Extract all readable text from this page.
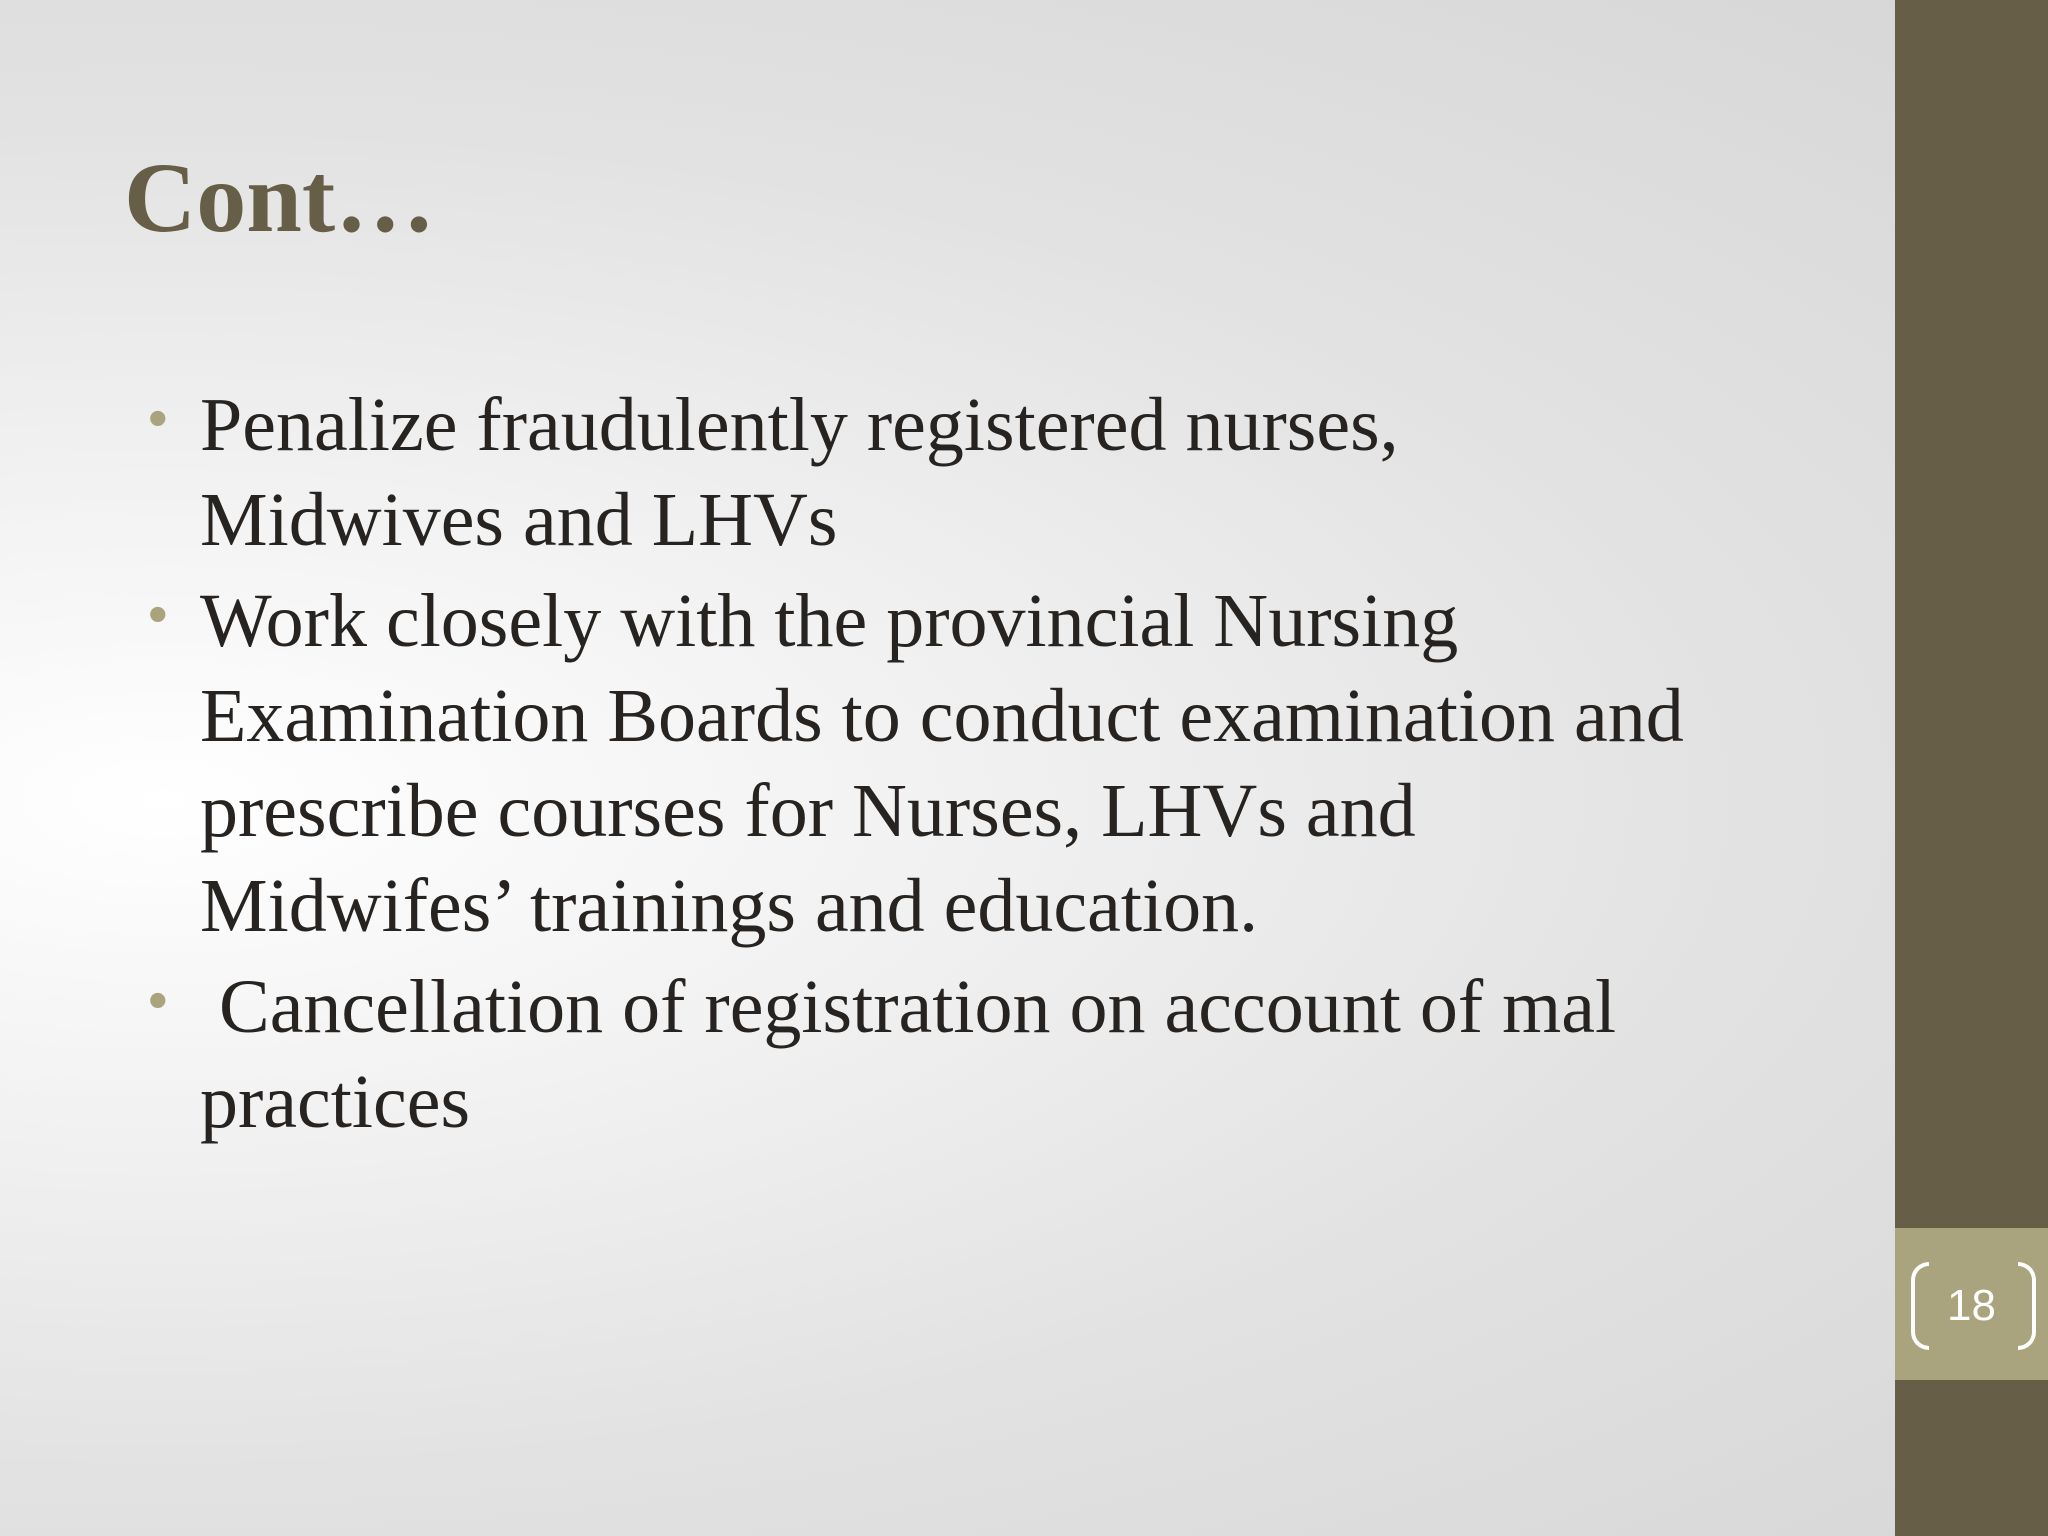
Cont…
• Penalize fraudulently registered nurses,
Midwives and LHVs
• Work closely with the provincial Nursing
Examination Boards to conduct examination and
prescribe courses for Nurses, LHVs and
Midwifes’ trainings and education.
• Cancellation of registration on account of mal
practices
18
